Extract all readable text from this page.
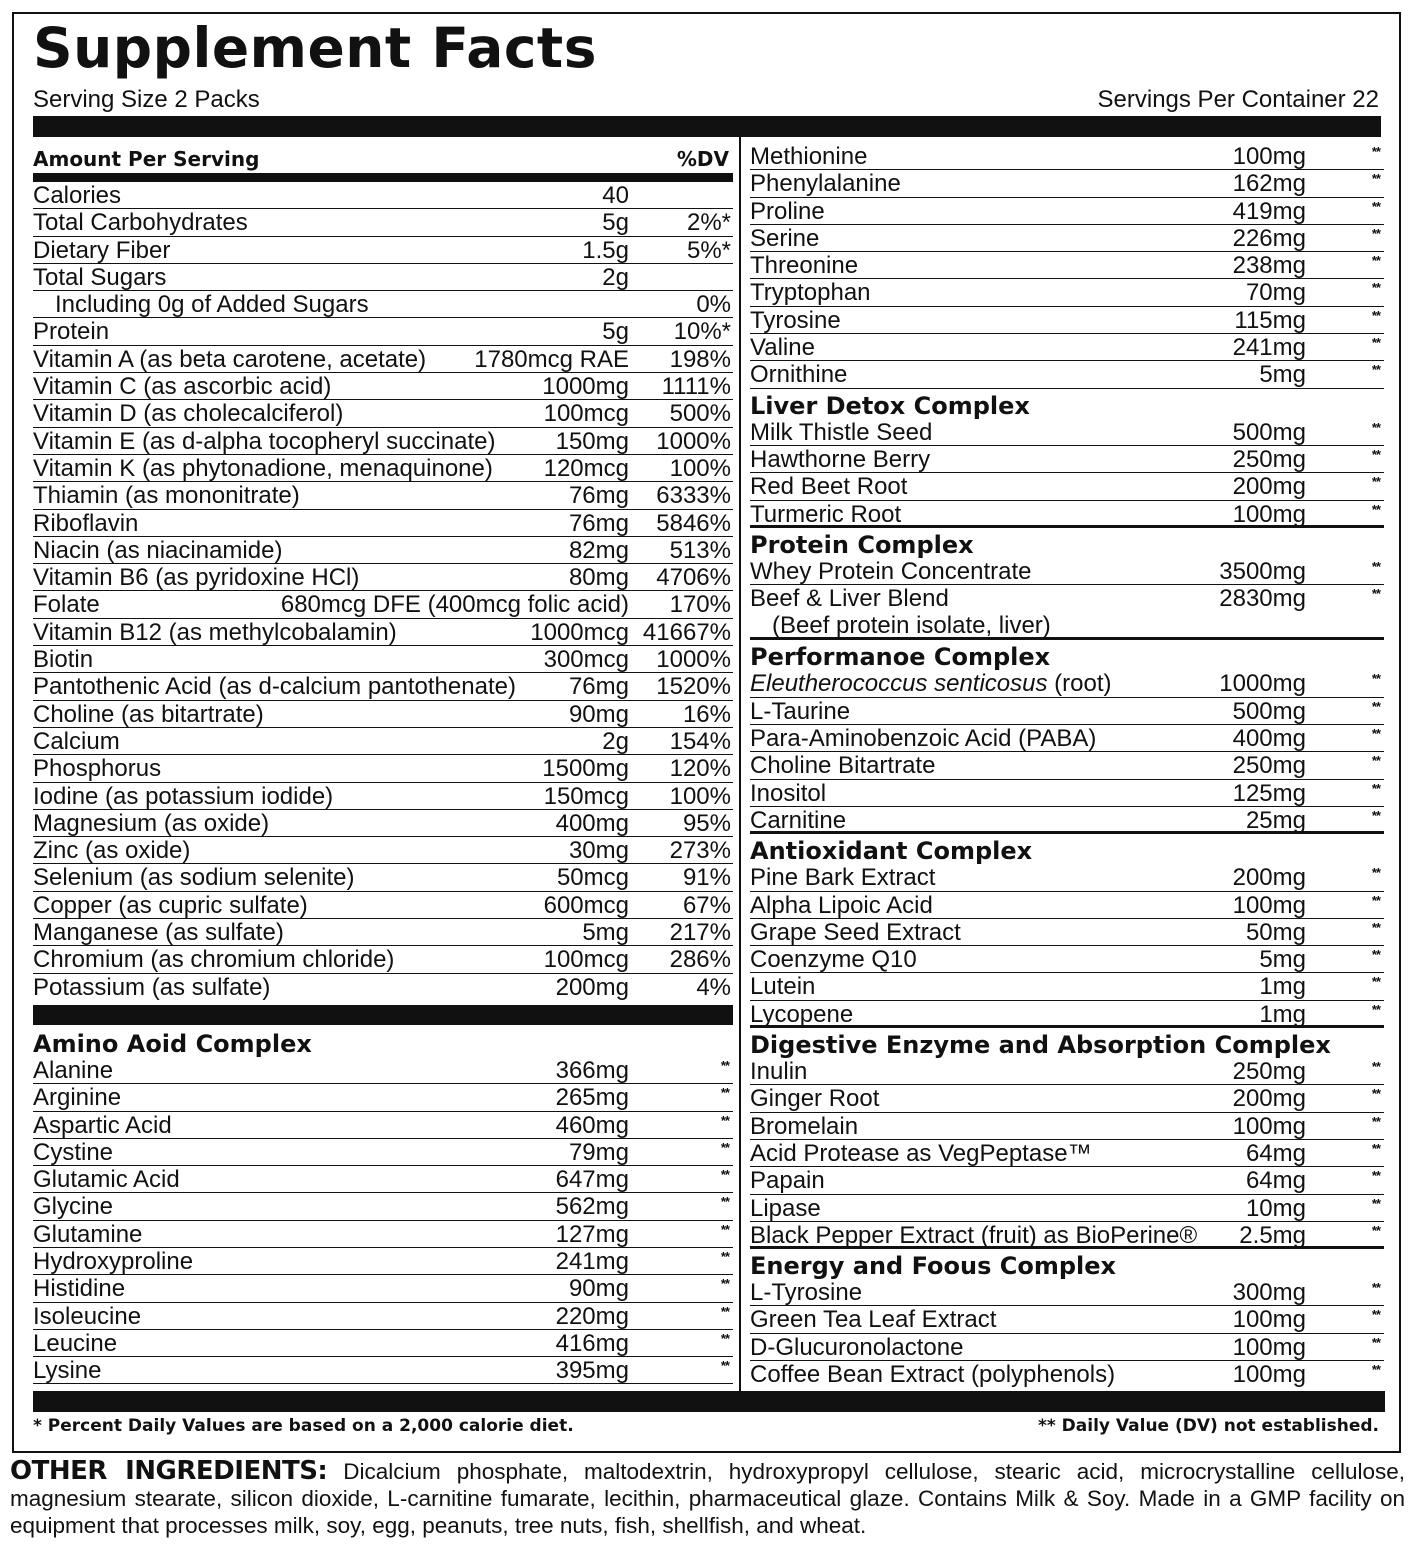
Supplement Facts
Serving Size 2 Packs	Servings Per Container 22
Amount Per Serving	%DV
Calories	40
Total Carbohydrates	5g 2%*
Dietary Fiber	1.5g 5%*
Total Sugars	2g
Including 0g of Added Sugars	0%
Protein	5g 10%*
Vitamin A (as beta carotene, acetate) 1780mcg RAE 198%
Vitamin C (as ascorbic acid)	1000mg 1111%
Vitamin D (as cholecalciferol)	100mcg 500%
Vitamin E (as d-alpha tocopheryl succinate)	150mg 1000%
Vitamin K (as phytonadione, menaquinone) 120mcg 100%
Thiamin (as mononitrate)	76mg 6333%
Riboflavin	76mg 5846%
Niacin (as niacinamide)	82mg 513%
Vitamin B6 (as pyridoxine HCl)	80mg 4706%
Folate	680mcg DFE (400mcg folic acid) 170%
Vitamin B12 (as methylcobalamin)	1000mcg 41667%
Biotin	300mcg 1000%
Pantothenic Acid (as d-calcium pantothenate) 76mg 1520%
Choline (as bitartrate)	90mg 16%
Calcium	2g 154%
Phosphorus	1500mg 120%
Iodine (as potassium iodide)	150mcg 100%
Magnesium (as oxide)	400mg 95%
Zinc (as oxide)	30mg 273%
Selenium (as sodium selenite)	50mcg 91%
Copper (as cupric sulfate)	600mcg 67%
Manganese (as sulfate)	5mg 217%
Chromium (as chromium chloride)	100mcg 286%
Potassium (as sulfate)	200mg	4%
Amino Aoid Complex
Alanine	366mg	**
Arginine	265mg	**
Aspartic Acid	460mg	**
Cystine	79mg	**
Glutamic Acid	647mg	**
Glycine	562mg	**
Glutamine	127mg	**
Hydroxyproline	241mg	**
Histidine	90mg	**
Isoleucine	220mg	**
Leucine	416mg	**
Lysine	395mg	**
Methionine	100mg	**
Phenylalanine	162mg	**
Proline	419mg	**
Serine	226mg	**
Threonine	238mg	**
Tryptophan	70mg	**
Tyrosine	115mg	**
Valine	241mg	**
Ornithine	5mg	**
Liver Detox Complex
Milk Thistle Seed	500mg	**
Hawthorne Berry	250mg	**
Red Beet Root	200mg	**
Turmeric Root	100mg	**
Protein Complex
Whey Protein Concentrate	3500mg	**
Beef & Liver Blend	2830mg	**
(Beef protein isolate, liver)
Performanoe Complex
Eleutherococcus senticosus (root)	1000mg	**
L-Taurine	500mg	**
Para-Aminobenzoic Acid (PABA)	400mg	**
Choline Bitartrate	250mg	**
Inositol	125mg	**
Carnitine	25mg	**
Antioxidant Complex
Pine Bark Extract	200mg	**
Alpha Lipoic Acid	100mg	**
Grape Seed Extract	50mg	**
Coenzyme Q10	5mg	**
Lutein	1mg	**
Lycopene	1mg	**
Digestive Enzyme and Absorption Complex
Inulin	250mg	**
Ginger Root	200mg	**
Bromelain	100mg	**
Acid Protease as VegPeptase™	64mg	**
Papain	64mg	**
Lipase	10mg	**
Black Pepper Extract (fruit) as BioPerine® 2.5mg	**
Energy and Foous Complex
L-Tyrosine	300mg	**
Green Tea Leaf Extract	100mg	**
D-Glucuronolactone	100mg	**
Coffee Bean Extract (polyphenols)	100mg	**
* Percent Daily Values are based on a 2,000 calorie diet.	** Daily Value (DV) not established.
OTHER INGREDIENTS: Dicalcium phosphate, maltodextrin, hydroxypropyl cellulose, stearic acid, microcrystalline cellulose, magnesium stearate, silicon dioxide, L-carnitine fumarate, lecithin, pharmaceutical glaze. Contains Milk & Soy. Made in a GMP facility on equipment that processes milk, soy, egg, peanuts, tree nuts, fish, shellfish, and wheat.
